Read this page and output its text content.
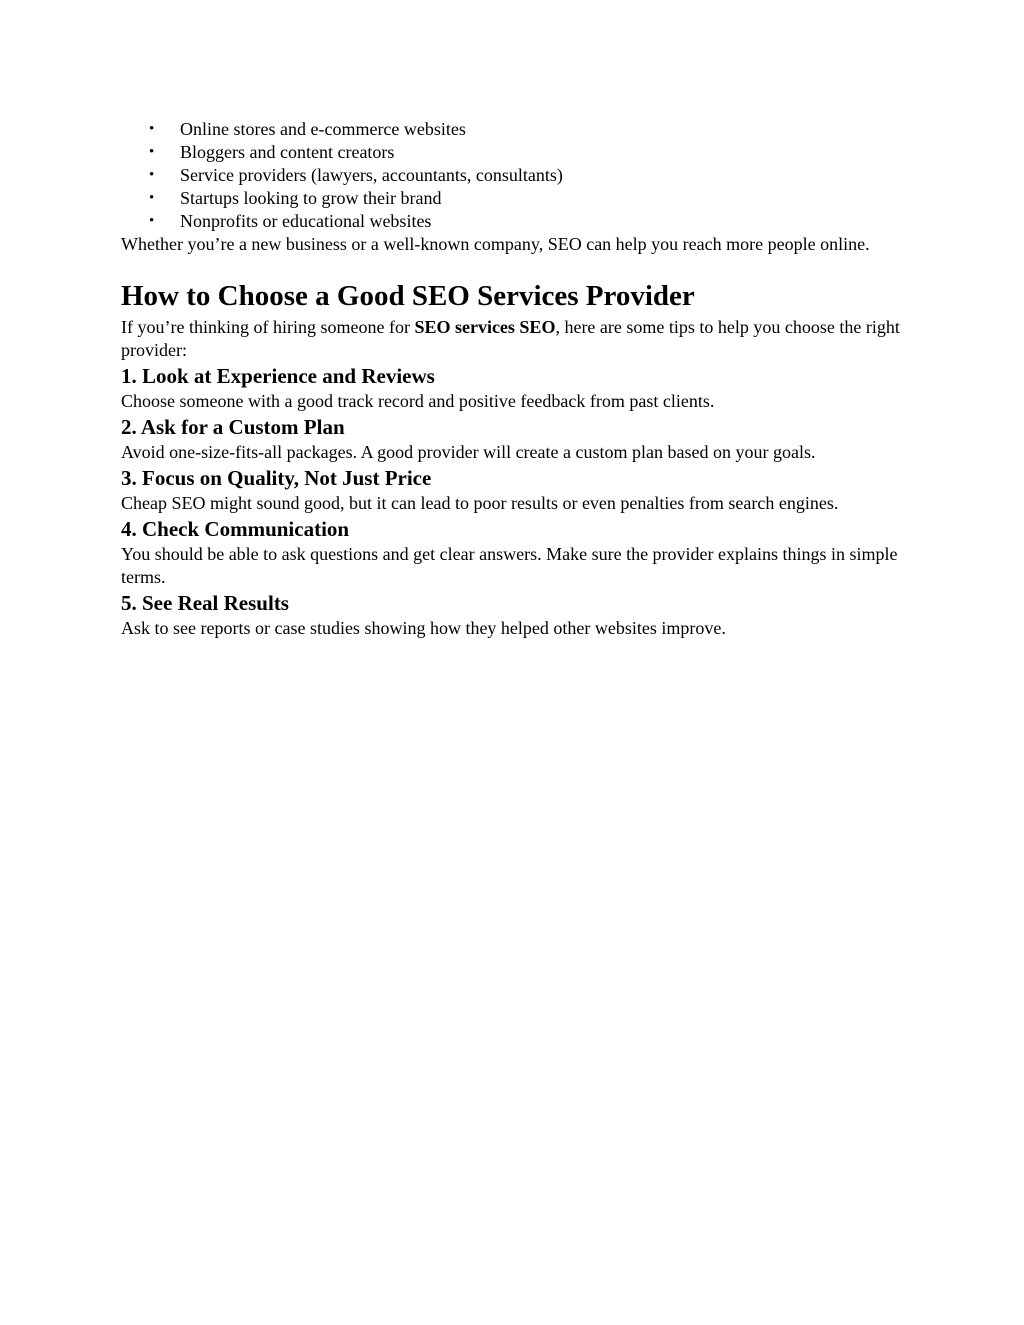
• Online stores and e-commerce websites
• Bloggers and content creators
• Service providers (lawyers, accountants, consultants)
• Startups looking to grow their brand
• Nonprofits or educational websites

Whether you’re a new business or a well-known company, SEO can help you reach more people online.

How to Choose a Good SEO Services Provider

If you’re thinking of hiring someone for SEO services SEO, here are some tips to help you choose the right provider:

1. Look at Experience and Reviews

Choose someone with a good track record and positive feedback from past clients.

2. Ask for a Custom Plan

Avoid one-size-fits-all packages. A good provider will create a custom plan based on your goals.

3. Focus on Quality, Not Just Price

Cheap SEO might sound good, but it can lead to poor results or even penalties from search engines.

4. Check Communication

You should be able to ask questions and get clear answers. Make sure the provider explains things in simple terms.

5. See Real Results

Ask to see reports or case studies showing how they helped other websites improve.
